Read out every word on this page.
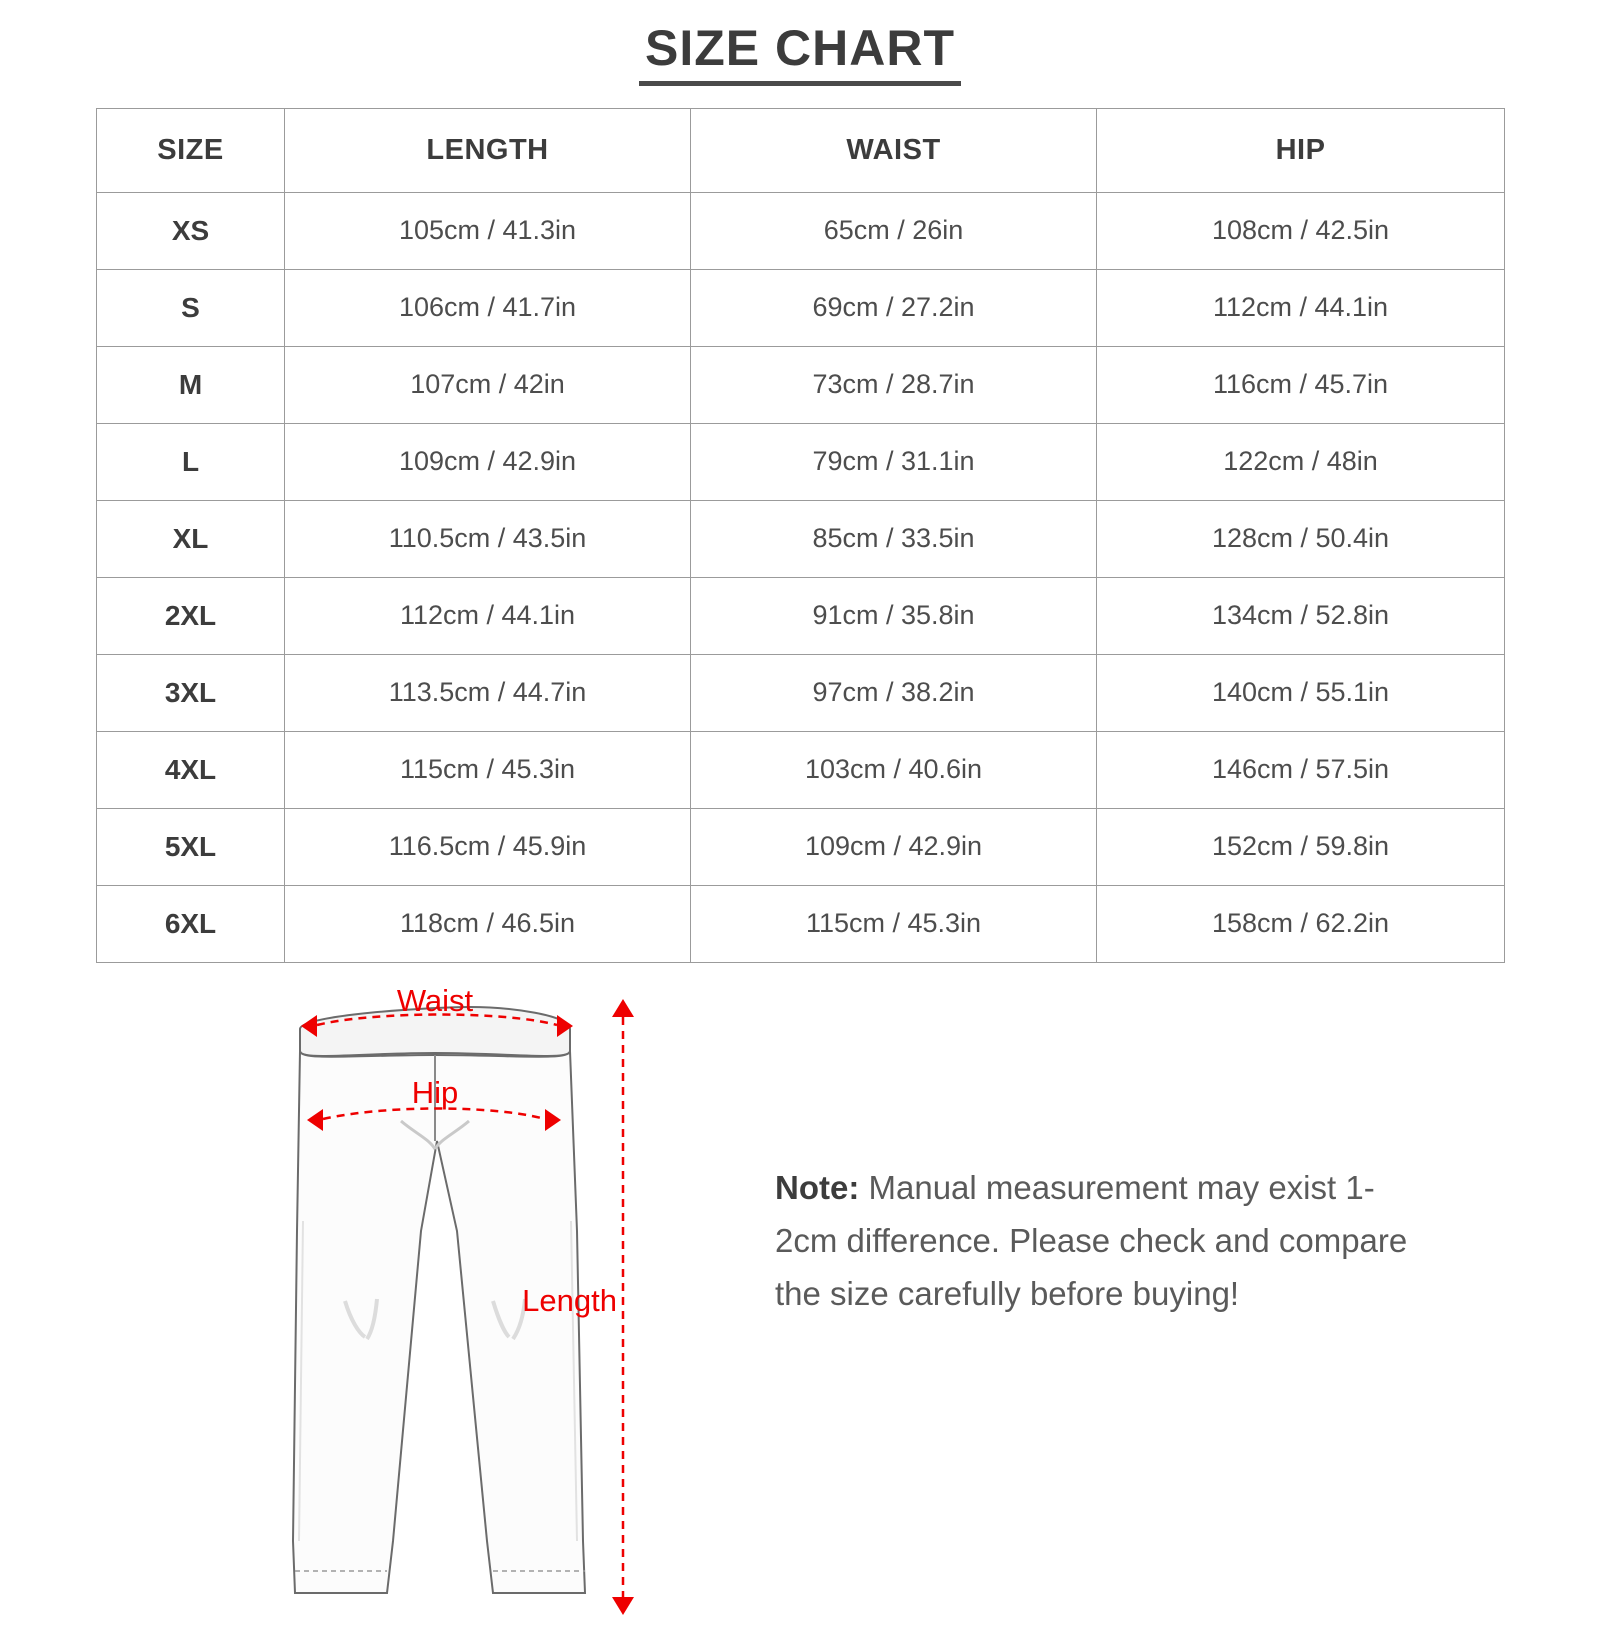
SIZE CHART
SIZE	LENGTH	WAIST	HIP
XS	105cm / 41.3in	65cm / 26in	108cm / 42.5in
S	106cm / 41.7in	69cm / 27.2in	112cm / 44.1in
M	107cm / 42in	73cm / 28.7in	116cm / 45.7in
L	109cm / 42.9in	79cm / 31.1in	122cm / 48in
XL	110.5cm / 43.5in	85cm / 33.5in	128cm / 50.4in
2XL	112cm / 44.1in	91cm / 35.8in	134cm / 52.8in
3XL	113.5cm / 44.7in	97cm / 38.2in	140cm / 55.1in
4XL	115cm / 45.3in	103cm / 40.6in	146cm / 57.5in
5XL	116.5cm / 45.9in	109cm / 42.9in	152cm / 59.8in
6XL	118cm / 46.5in	115cm / 45.3in	158cm / 62.2in
Waist
Hip
Length
Note: Manual measurement may exist 1-2cm difference. Please check and compare the size carefully before buying!
